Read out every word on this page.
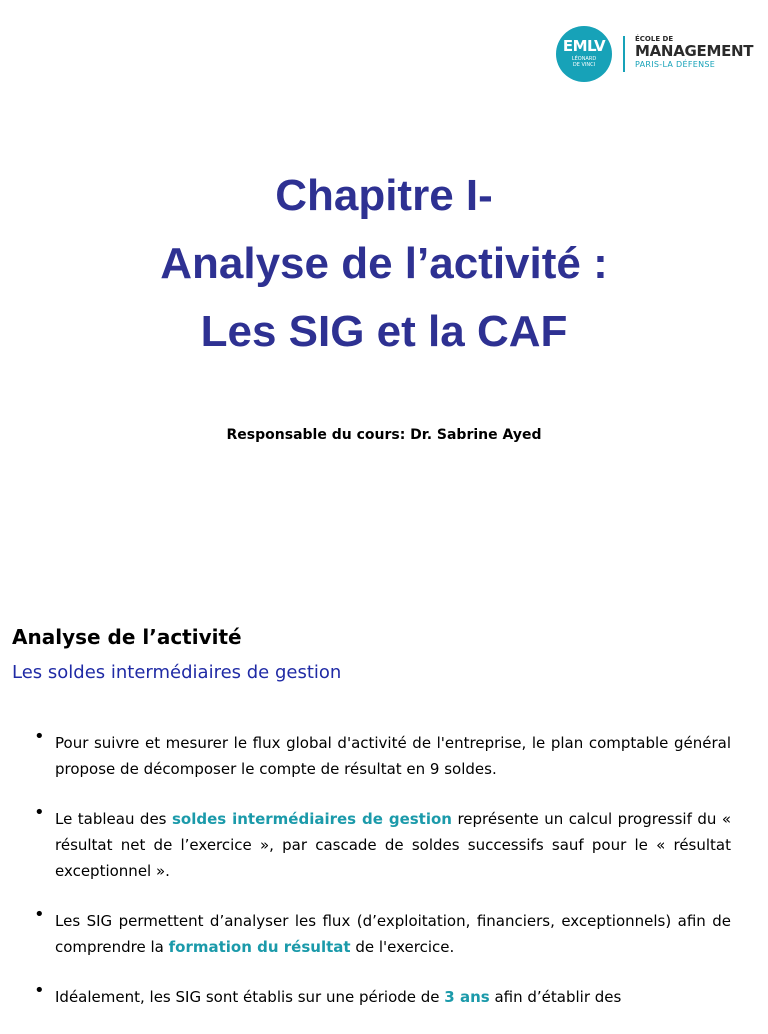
EMLV
LÉONARD DE VINCI
ÉCOLE DE
MANAGEMENT
PARIS-LA DÉFENSE
Chapitre I-
Analyse de l’activité :
Les SIG et la CAF
Responsable du cours: Dr. Sabrine Ayed
Analyse de l’activité
Les soldes intermédiaires de gestion
• Pour suivre et mesurer le flux global d'activité de l'entreprise, le plan comptable général propose de décomposer le compte de résultat en 9 soldes.
• Le tableau des soldes intermédiaires de gestion représente un calcul progressif du « résultat net de l’exercice », par cascade de soldes successifs sauf pour le « résultat exceptionnel ».
• Les SIG permettent d’analyser les flux (d’exploitation, financiers, exceptionnels) afin de comprendre la formation du résultat de l'exercice.
• Idéalement, les SIG sont établis sur une période de 3 ans afin d’établir des
